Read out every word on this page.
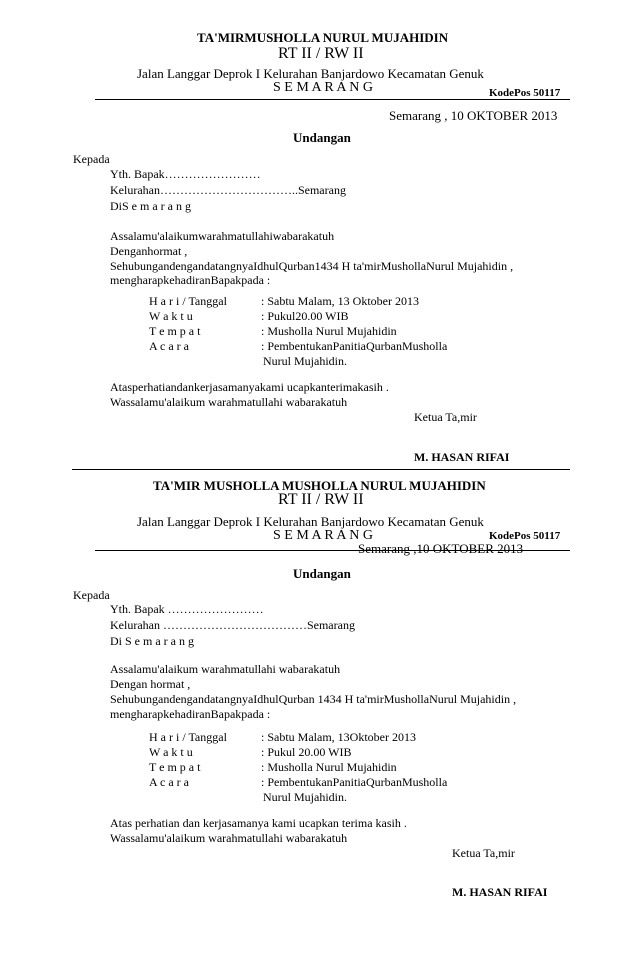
TA'MIRMUSHOLLA NURUL MUJAHIDIN
RT II / RW II
Jalan Langgar Deprok I Kelurahan Banjardowo Kecamatan Genuk
S E M A R A N G	KodePos 50117
Semarang , 10 OKTOBER 2013
Undangan
Kepada
Yth. Bapak……………………
Kelurahan……………………………..Semarang
DiS e m a r a n g
Assalamu'alaikumwarahmatullahiwabarakatuh
Denganhormat ,
SehubungandengandatangnyaIdhulQurban1434 H ta'mirMushollaNurul Mujahidin ,
mengharapkehadiranBapakpada :
H a r i / Tanggal	: Sabtu Malam, 13 Oktober 2013
W a k t u	: Pukul20.00 WIB
T e m p a t	: Musholla Nurul Mujahidin
A c a r a	: PembentukanPanitiaQurbanMusholla
Nurul Mujahidin.
Atasperhatiandankerjasamanyakami ucapkanterimakasih .
Wassalamu'alaikum warahmatullahi wabarakatuh
Ketua Ta,mir
M. HASAN RIFAI
TA'MIR MUSHOLLA MUSHOLLA NURUL MUJAHIDIN
RT II / RW II
Jalan Langgar Deprok I Kelurahan Banjardowo Kecamatan Genuk
S E M A R A N G	KodePos 50117
Semarang ,10 OKTOBER 2013
Undangan
Kepada
Yth. Bapak ……………………
Kelurahan ………………………………Semarang
Di S e m a r a n g
Assalamu'alaikum warahmatullahi wabarakatuh
Dengan hormat ,
SehubungandengandatangnyaIdhulQurban 1434 H ta'mirMushollaNurul Mujahidin ,
mengharapkehadiranBapakpada :
H a r i / Tanggal	: Sabtu Malam, 13Oktober 2013
W a k t u	: Pukul 20.00 WIB
T e m p a t	: Musholla Nurul Mujahidin
A c a r a	: PembentukanPanitiaQurbanMusholla
Nurul Mujahidin.
Atas perhatian dan kerjasamanya kami ucapkan terima kasih .
Wassalamu'alaikum warahmatullahi wabarakatuh
Ketua Ta,mir
M. HASAN RIFAI
